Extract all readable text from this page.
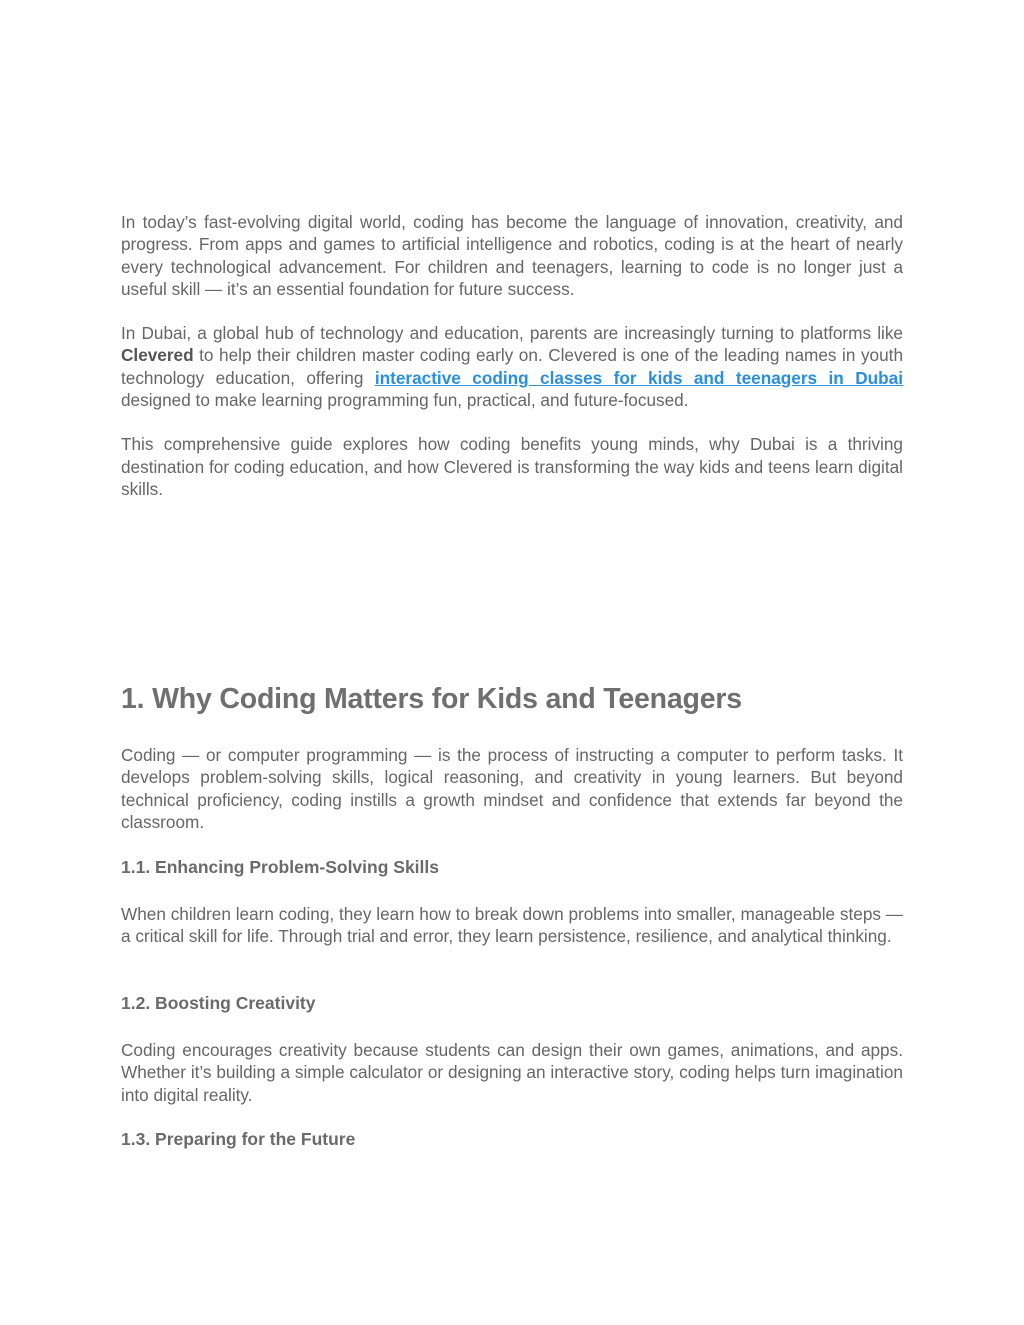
In today’s fast-evolving digital world, coding has become the language of innovation, creativity, and progress. From apps and games to artificial intelligence and robotics, coding is at the heart of nearly every technological advancement. For children and teenagers, learning to code is no longer just a useful skill — it’s an essential foundation for future success.

In Dubai, a global hub of technology and education, parents are increasingly turning to platforms like Clevered to help their children master coding early on. Clevered is one of the leading names in youth technology education, offering interactive coding classes for kids and teenagers in Dubai designed to make learning programming fun, practical, and future-focused.

This comprehensive guide explores how coding benefits young minds, why Dubai is a thriving destination for coding education, and how Clevered is transforming the way kids and teens learn digital skills.

1. Why Coding Matters for Kids and Teenagers

Coding — or computer programming — is the process of instructing a computer to perform tasks. It develops problem-solving skills, logical reasoning, and creativity in young learners. But beyond technical proficiency, coding instills a growth mindset and confidence that extends far beyond the classroom.

1.1. Enhancing Problem-Solving Skills

When children learn coding, they learn how to break down problems into smaller, manageable steps — a critical skill for life. Through trial and error, they learn persistence, resilience, and analytical thinking.

1.2. Boosting Creativity

Coding encourages creativity because students can design their own games, animations, and apps. Whether it’s building a simple calculator or designing an interactive story, coding helps turn imagination into digital reality.

1.3. Preparing for the Future
